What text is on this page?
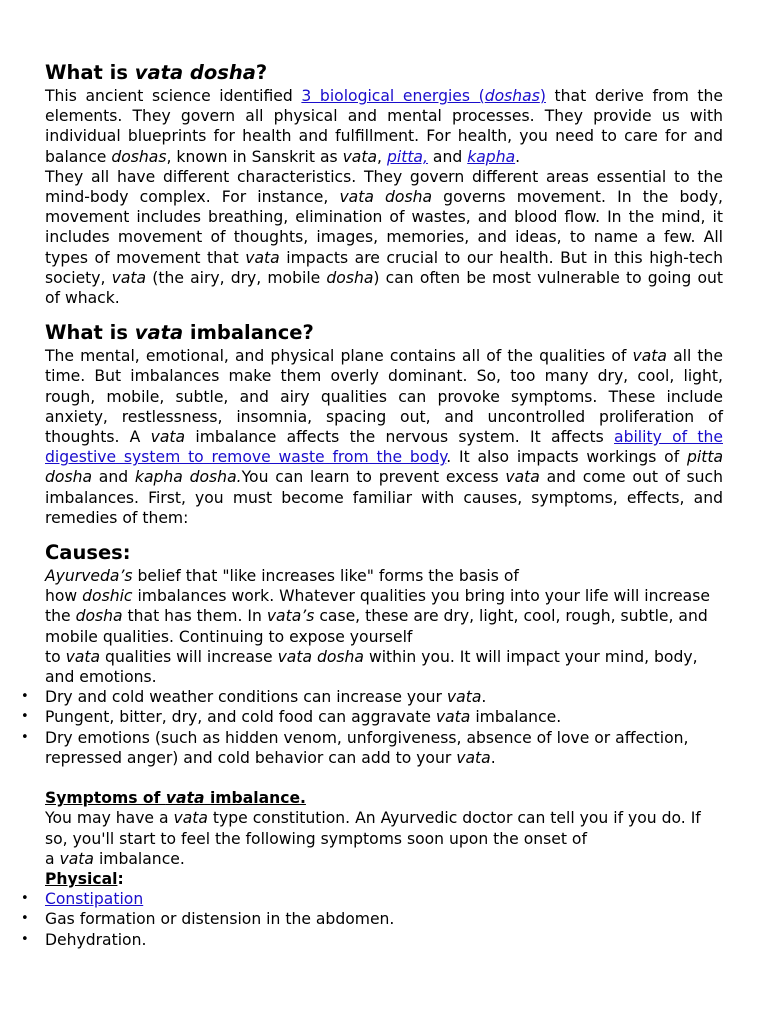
What is vata dosha?

This ancient science identified 3 biological energies (doshas) that derive from the elements. They govern all physical and mental processes. They provide us with individual blueprints for health and fulfillment. For health, you need to care for and balance doshas, known in Sanskrit as vata, pitta, and kapha.

They all have different characteristics. They govern different areas essential to the mind-body complex. For instance, vata dosha governs movement. In the body, movement includes breathing, elimination of wastes, and blood flow. In the mind, it includes movement of thoughts, images, memories, and ideas, to name a few. All types of movement that vata impacts are crucial to our health. But in this high-tech society, vata (the airy, dry, mobile dosha) can often be most vulnerable to going out of whack.

What is vata imbalance?

The mental, emotional, and physical plane contains all of the qualities of vata all the time. But imbalances make them overly dominant. So, too many dry, cool, light, rough, mobile, subtle, and airy qualities can provoke symptoms. These include anxiety, restlessness, insomnia, spacing out, and uncontrolled proliferation of thoughts. A vata imbalance affects the nervous system. It affects ability of the digestive system to remove waste from the body. It also impacts workings of pitta dosha and kapha dosha.You can learn to prevent excess vata and come out of such imbalances. First, you must become familiar with causes, symptoms, effects, and remedies of them:

Causes:

Ayurveda’s belief that "like increases like" forms the basis of
how doshic imbalances work. Whatever qualities you bring into your life will increase the dosha that has them. In vata’s case, these are dry, light, cool, rough, subtle, and mobile qualities. Continuing to expose yourself
to vata qualities will increase vata dosha within you. It will impact your mind, body, and emotions.

• Dry and cold weather conditions can increase your vata.
• Pungent, bitter, dry, and cold food can aggravate vata imbalance.
• Dry emotions (such as hidden venom, unforgiveness, absence of love or affection, repressed anger) and cold behavior can add to your vata.

Symptoms of vata imbalance.

You may have a vata type constitution. An Ayurvedic doctor can tell you if you do. If so, you'll start to feel the following symptoms soon upon the onset of
a vata imbalance.

Physical:

• Constipation
• Gas formation or distension in the abdomen.
• Dehydration.
